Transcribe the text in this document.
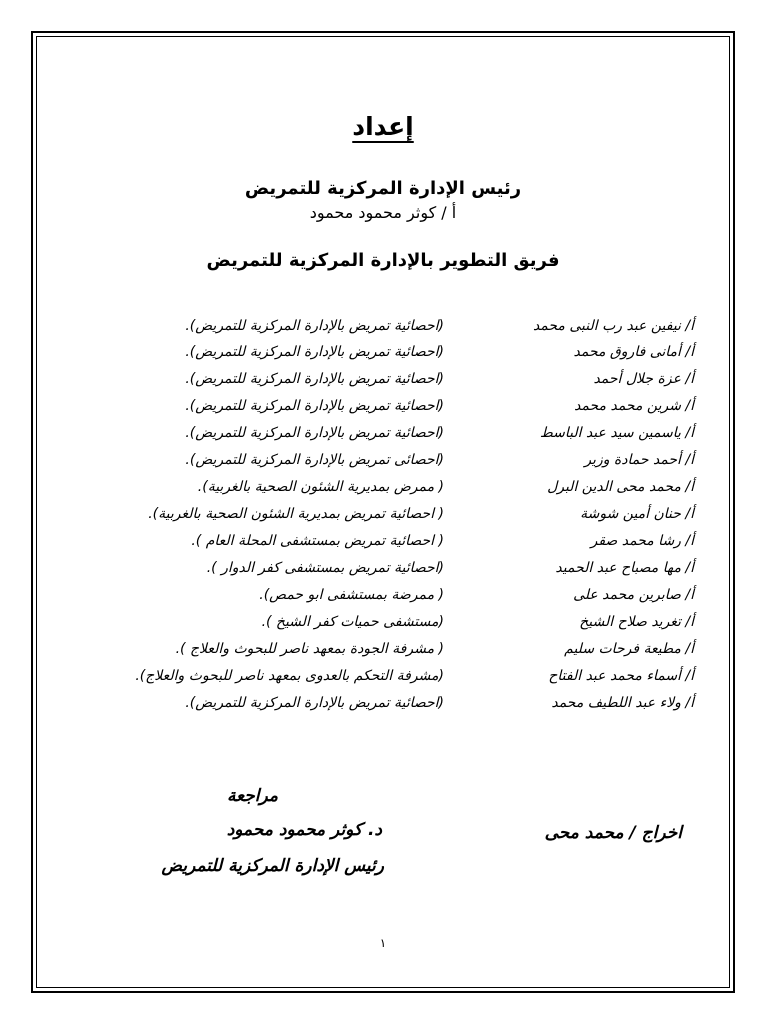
إعداد
رئيس الإدارة المركزية للتمريض
أ / كوثر محمود محمود
فريق التطوير بالإدارة المركزية للتمريض
أ/ نيفين عبد رب النبى محمد
(احصائية تمريض بالإدارة المركزية للتمريض).
أ/ أمانى فاروق محمد
(احصائية تمريض بالإدارة المركزية للتمريض).
أ/ عزة جلال أحمد
(احصائية تمريض بالإدارة المركزية للتمريض).
أ/ شرين محمد محمد
(احصائية تمريض بالإدارة المركزية للتمريض).
أ/ ياسمين سيد عبد الباسط
(احصائية تمريض بالإدارة المركزية للتمريض).
أ/ أحمد حمادة وزير
(احصائى تمريض بالإدارة المركزية للتمريض).
أ/ محمد محى الدين البرل
( ممرض بمديرية الشئون الصحية بالغربية).
أ/ حنان أمين شوشة
( احصائية تمريض بمديرية الشئون الصحية بالغربية).
أ/ رشا محمد صقر
( احصائية تمريض بمستشفى المحلة العام ).
أ/ مها مصباح عبد الحميد
(احصائية تمريض بمستشفى كفر الدوار ).
أ/ صابرين محمد على
( ممرضة بمستشفى ابو حمص).
أ/ تغريد صلاح الشيخ
(مستشفى حميات كفر الشيخ ).
أ/ مطيعة فرحات سليم
( مشرفة الجودة بمعهد ناصر للبحوث والعلاج ).
أ/ أسماء محمد عبد الفتاح
(مشرفة التحكم بالعدوى بمعهد ناصر للبحوث والعلاج).
أ/ ولاء عبد اللطيف محمد
(احصائية تمريض بالإدارة المركزية للتمريض).
مراجعة
د. كوثر محمود محمود
رئيس الإدارة المركزية للتمريض
اخراج / محمد محى
١
